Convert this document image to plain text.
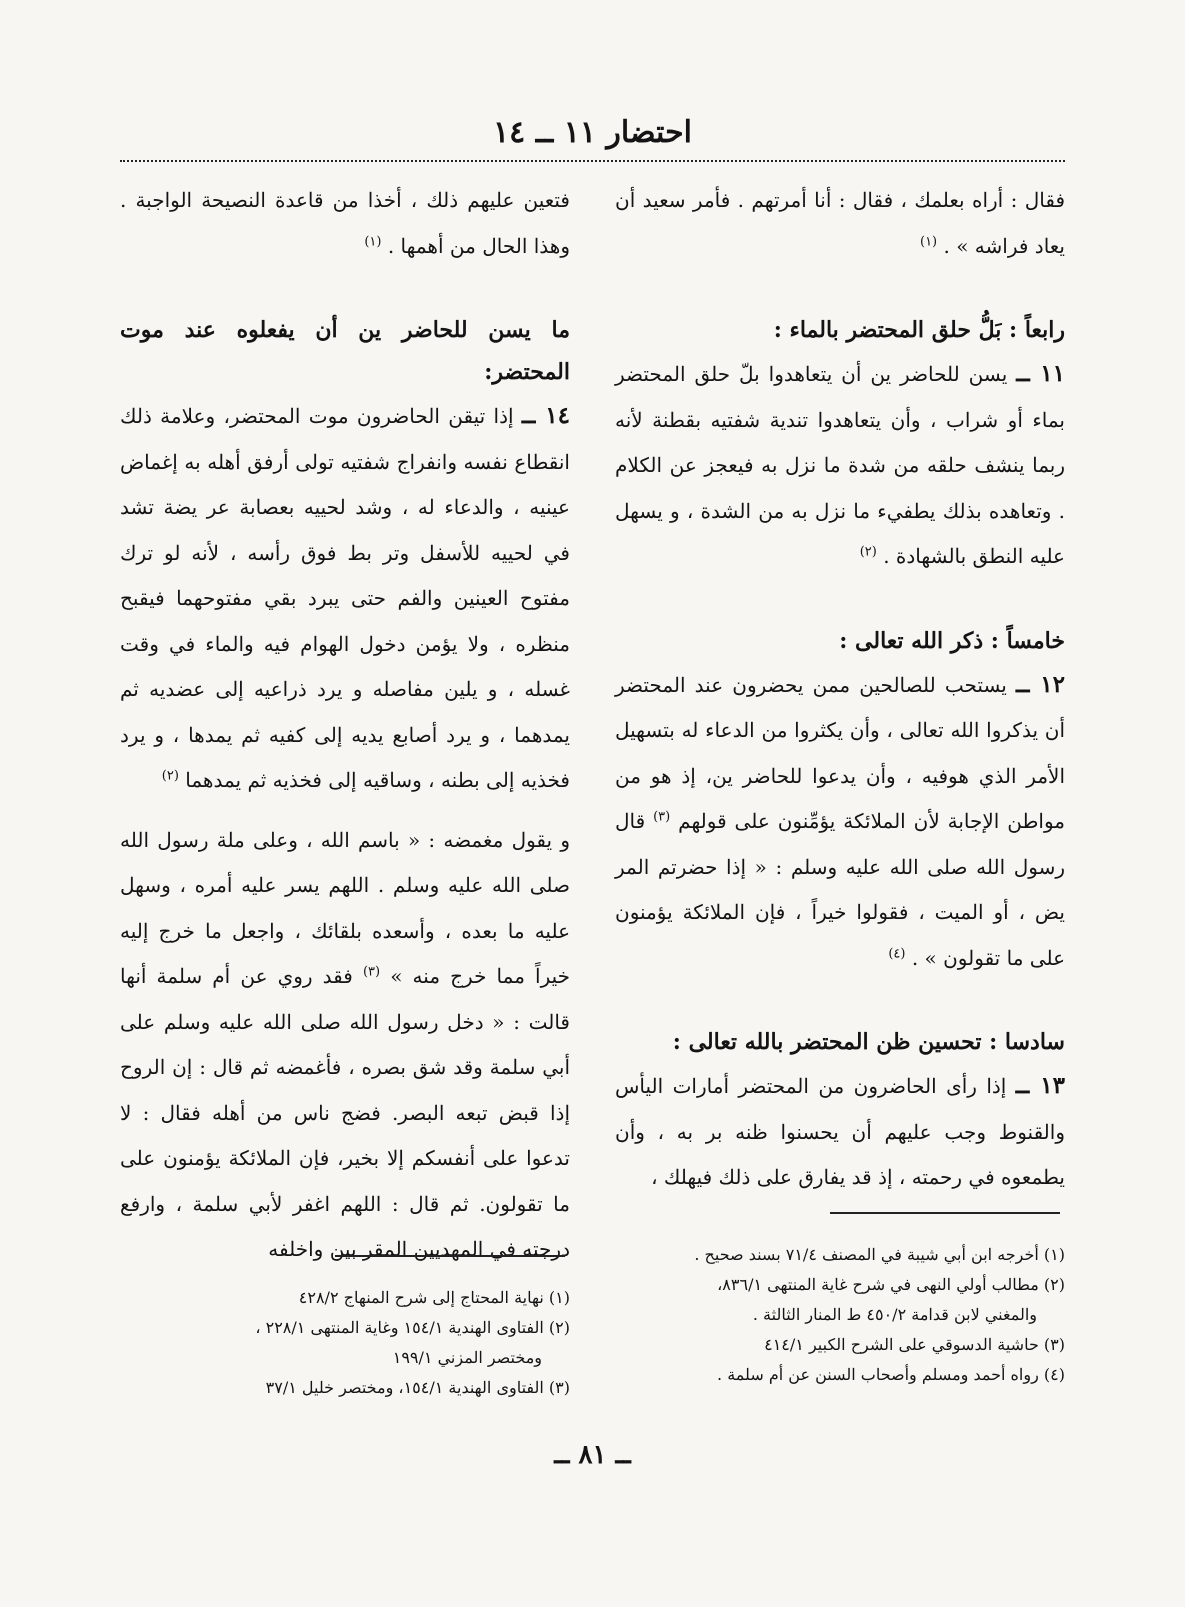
احتضار ١١ ــ ١٤

فقال : أراه بعلمك ، فقال : أنا أمرتهم . فأمر سعيد أن يعاد فراشه » . $^{(١)}$

رابعاً : بَلُّ حلق المحتضر بالماء :

١١ ــ يسن للحاضر ين أن يتعاهدوا بلّ حلق المحتضر بماء أو شراب ، وأن يتعاهدوا تندية شفتيه بقطنة لأنه ربما ينشف حلقه من شدة ما نزل به فيعجز عن الكلام . وتعاهده بذلك يطفيء ما نزل به من الشدة ، و يسهل عليه النطق بالشهادة . $^{(٢)}$

خامساً : ذكر الله تعالى :

١٢ ــ يستحب للصالحين ممن يحضرون عند المحتضر أن يذكروا الله تعالى ، وأن يكثروا من الدعاء له بتسهيل الأمر الذي هوفيه ، وأن يدعوا للحاضر ين، إذ هو من مواطن الإجابة لأن الملائكة يؤمِّنون على قولهم $^{(٣)}$ قال رسول الله صلى الله عليه وسلم : « إذا حضرتم المر يض ، أو الميت ، فقولوا خيراً ، فإن الملائكة يؤمنون على ما تقولون » . $^{(٤)}$

سادسا : تحسين ظن المحتضر بالله تعالى :

١٣ ــ إذا رأى الحاضرون من المحتضر أمارات اليأس والقنوط وجب عليهم أن يحسنوا ظنه بر به ، وأن يطمعوه في رحمته ، إذ قد يفارق على ذلك فيهلك ،

فتعين عليهم ذلك ، أخذا من قاعدة النصيحة الواجبة . وهذا الحال من أهمها . $^{(١)}$

ما يسن للحاضر ين أن يفعلوه عند موت المحتضر:

١٤ ــ إذا تيقن الحاضرون موت المحتضر، وعلامة ذلك انقطاع نفسه وانفراج شفتيه تولى أرفق أهله به إغماض عينيه ، والدعاء له ، وشد لحييه بعصابة عر يضة تشد في لحييه للأسفل وتر بط فوق رأسه ، لأنه لو ترك مفتوح العينين والفم حتى يبرد بقي مفتوحهما فيقبح منظره ، ولا يؤمن دخول الهوام فيه والماء في وقت غسله ، و يلين مفاصله و يرد ذراعيه إلى عضديه ثم يمدهما ، و يرد أصابع يديه إلى كفيه ثم يمدها ، و يرد فخذيه إلى بطنه ، وساقيه إلى فخذيه ثم يمدهما $^{(٢)}$

و يقول مغمضه : « باسم الله ، وعلى ملة رسول الله صلى الله عليه وسلم . اللهم يسر عليه أمره ، وسهل عليه ما بعده ، وأسعده بلقائك ، واجعل ما خرج إليه خيراً مما خرج منه » $^{(٣)}$ فقد روي عن أم سلمة أنها قالت : « دخل رسول الله صلى الله عليه وسلم على أبي سلمة وقد شق بصره ، فأغمضه ثم قال : إن الروح إذا قبض تبعه البصر. فضج ناس من أهله فقال : لا تدعوا على أنفسكم إلا بخير، فإن الملائكة يؤمنون على ما تقولون. ثم قال : اللهم اغفر لأبي سلمة ، وارفع درجته في المهديين المقر بين واخلفه	(١) أخرجه ابن أبي شيبة في المصنف ٧١/٤ بسند صحيح .

(٢) مطالب أولي النهى في شرح غاية المنتهى ٨٣٦/١،

والمغني لابن قدامة ٤٥٠/٢ ط المنار الثالثة .

(٣) حاشية الدسوقي على الشرح الكبير ٤١٤/١

(٤) رواه أحمد ومسلم وأصحاب السنن عن أم سلمة .

(١) نهاية المحتاج إلى شرح المنهاج ٤٢٨/٢

(٢) الفتاوى الهندية ١٥٤/١ وغاية المنتهى ٢٢٨/١ ،

ومختصر المزني ١٩٩/١

(٣) الفتاوى الهندية ١٥٤/١، ومختصر خليل ٣٧/١

ــ ٨١ ــ
